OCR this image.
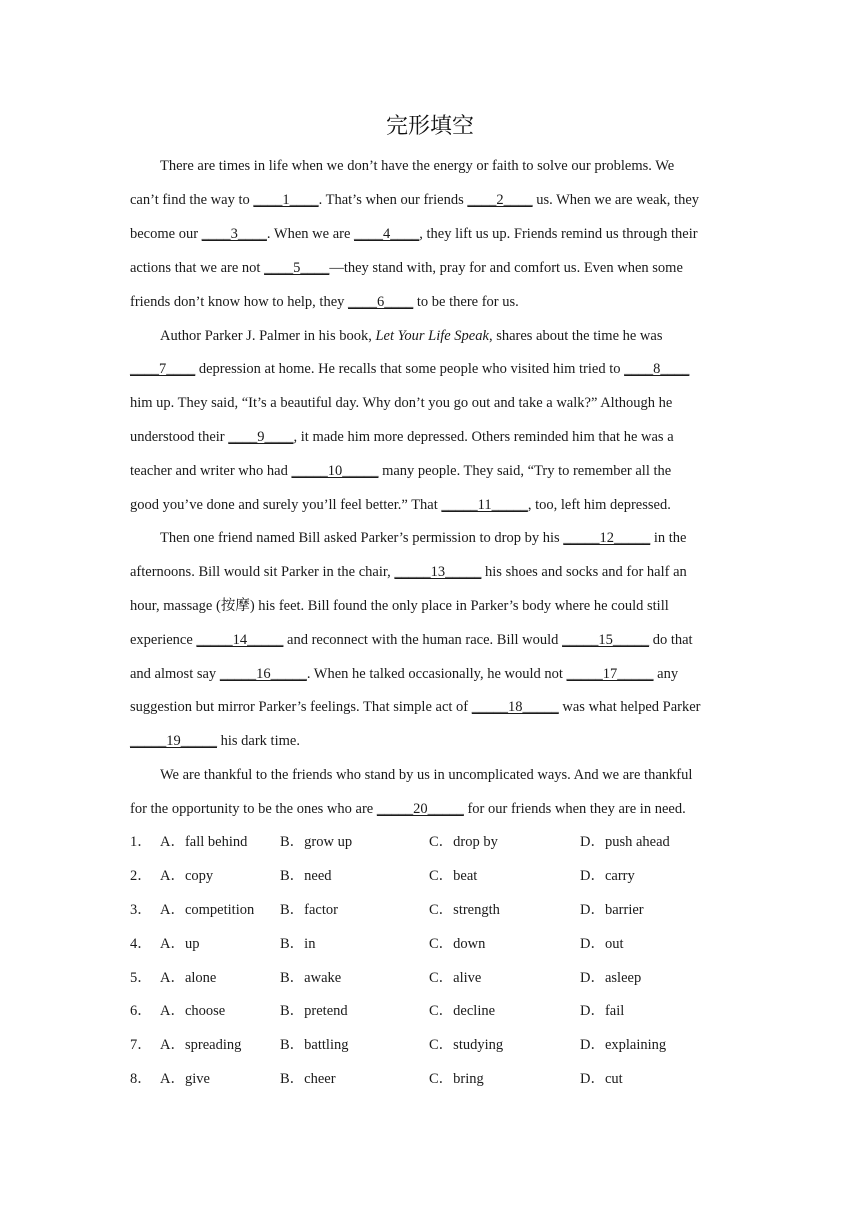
完形填空
There are times in life when we don’t have the energy or faith to solve our problems. We
can’t find the way to ____1____. That’s when our friends ____2____ us. When we are weak, they
become our ____3____. When we are ____4____, they lift us up. Friends remind us through their
actions that we are not ____5____—they stand with, pray for and comfort us. Even when some
friends don’t know how to help, they ____6____ to be there for us.
Author Parker J. Palmer in his book, Let Your Life Speak, shares about the time he was
____7____ depression at home. He recalls that some people who visited him tried to ____8____
him up. They said, “It’s a beautiful day. Why don’t you go out and take a walk?” Although he
understood their ____9____, it made him more depressed. Others reminded him that he was a
teacher and writer who had _____10_____ many people. They said, “Try to remember all the
good you’ve done and surely you’ll feel better.” That _____11_____, too, left him depressed.
Then one friend named Bill asked Parker’s permission to drop by his _____12_____ in the
afternoons. Bill would sit Parker in the chair, _____13_____ his shoes and socks and for half an
hour, massage (按摩) his feet. Bill found the only place in Parker’s body where he could still
experience _____14_____ and reconnect with the human race. Bill would _____15_____ do that
and almost say _____16_____. When he talked occasionally, he would not _____17_____ any
suggestion but mirror Parker’s feelings. That simple act of _____18_____ was what helped Parker
_____19_____ his dark time.
We are thankful to the friends who stand by us in uncomplicated ways. And we are thankful
for the opportunity to be the ones who are _____20_____ for our friends when they are in need.
1． A．fall behind B．grow up	C．drop by	D．push ahead
2． A．copy	B．need	C．beat	D．carry
3． A．competition B．factor	C．strength	D．barrier
4． A．up	B．in	C．down	D．out
5． A．alone	B．awake	C．alive	D．asleep
6． A．choose	B．pretend	C．decline	D．fail
7． A．spreading	B．battling	C．studying	D．explaining
8． A．give	B．cheer	C．bring	D．cut
